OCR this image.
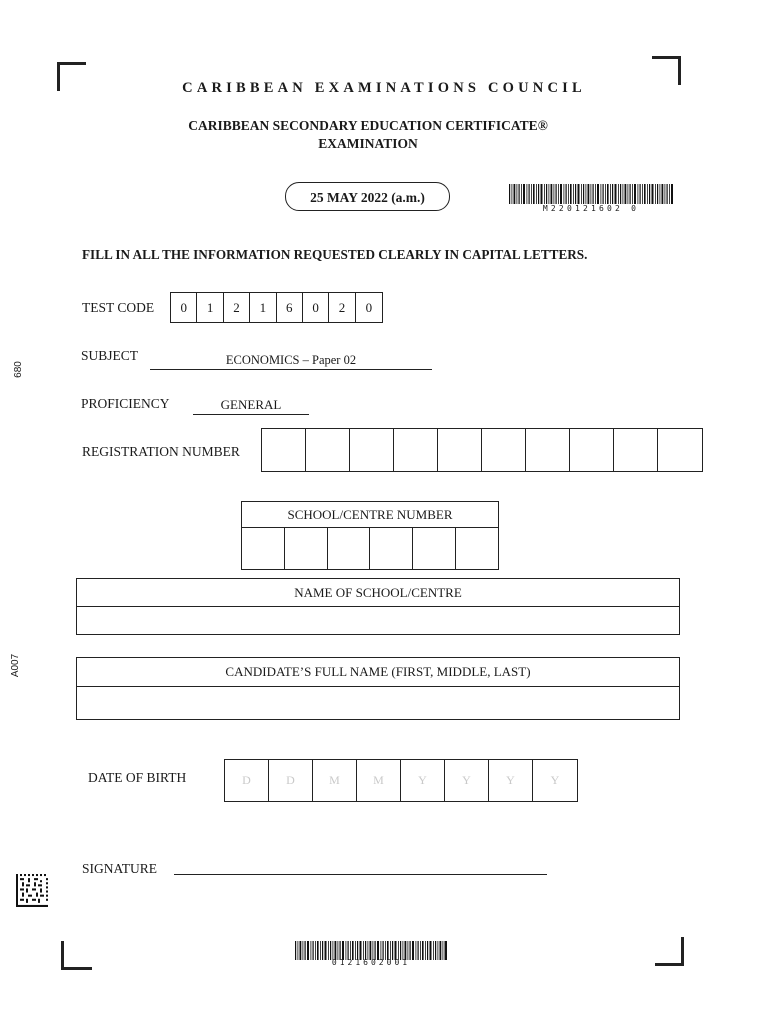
CARIBBEAN EXAMINATIONS COUNCIL
CARIBBEAN SECONDARY EDUCATION CERTIFICATE®
EXAMINATION
25 MAY 2022 (a.m.)
M220121602 0
FILL IN ALL THE INFORMATION REQUESTED CLEARLY IN CAPITAL LETTERS.
TEST CODE	0	1	2	1	6	0	2	0
SUBJECT	ECONOMICS – Paper 02
PROFICIENCY	GENERAL
REGISTRATION NUMBER
SCHOOL/CENTRE NUMBER
NAME OF SCHOOL/CENTRE
CANDIDATE’S FULL NAME (FIRST, MIDDLE, LAST)
DATE OF BIRTH	D	D	M	M	Y	Y	Y	Y
SIGNATURE
680
A007
0121602001
